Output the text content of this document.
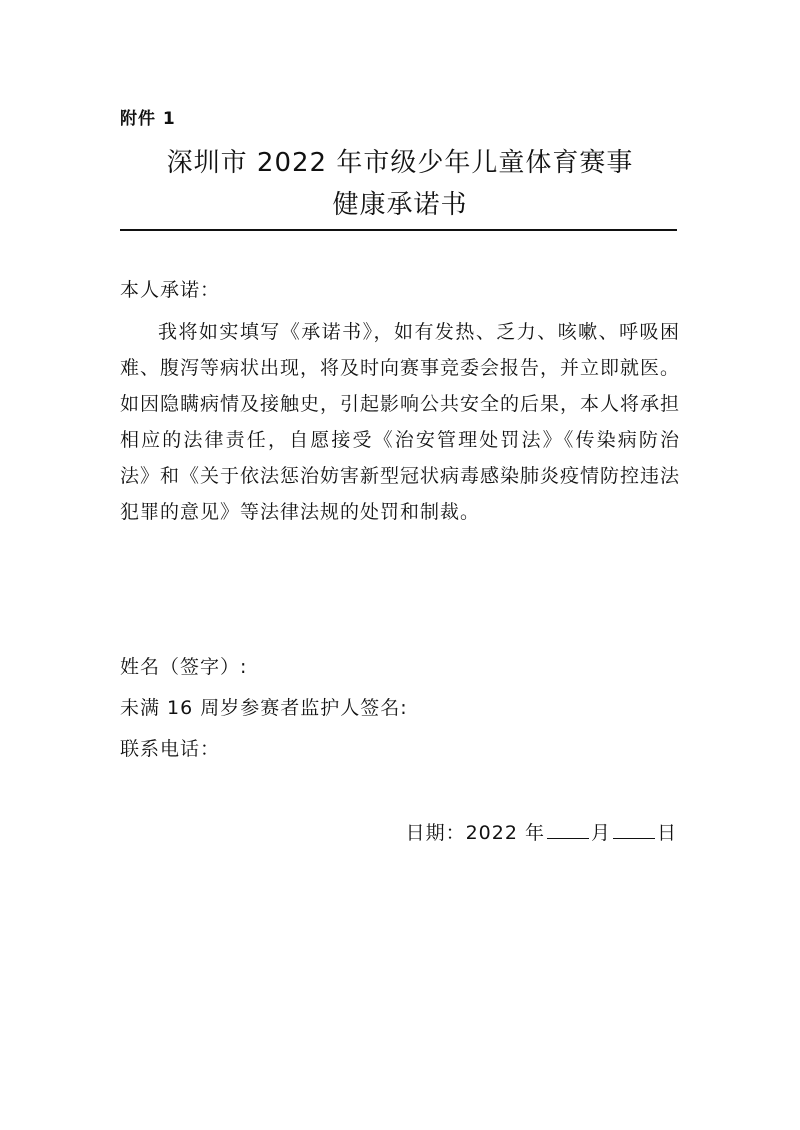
附件 1
深圳市 2022 年市级少年儿童体育赛事
健康承诺书
本人承诺：

我将如实填写《承诺书》，如有发热、乏力、咳嗽、呼吸困难、腹泻等病状出现，将及时向赛事竞委会报告，并立即就医。如因隐瞒病情及接触史，引起影响公共安全的后果，本人将承担相应的法律责任，自愿接受《治安管理处罚法》《传染病防治法》和《关于依法惩治妨害新型冠状病毒感染肺炎疫情防控违法犯罪的意见》等法律法规的处罚和制裁。

姓名（签字）:
未满 16 周岁参赛者监护人签名:
联系电话：
日期：2022 年 月 日
